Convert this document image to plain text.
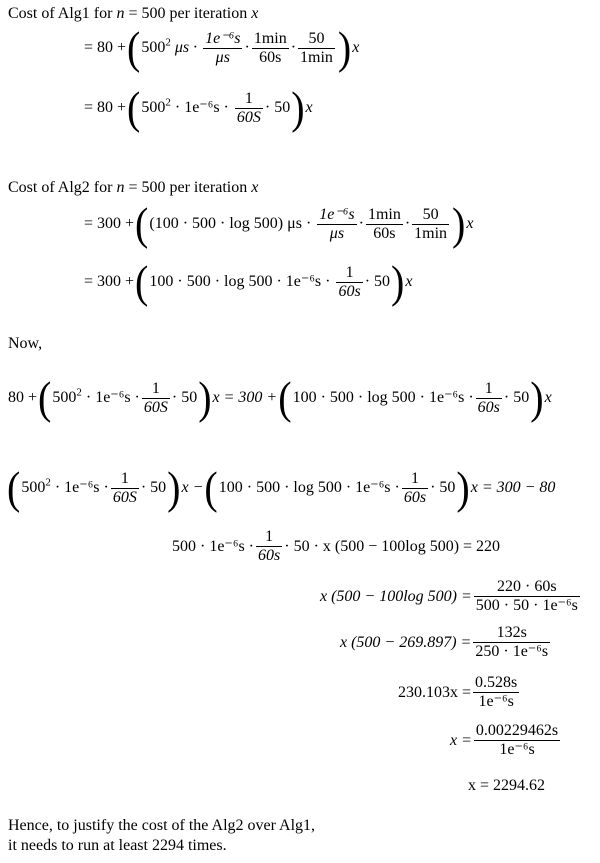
Cost of Alg1 for n = 500 per iteration x
= $80 +(500^2$ $\mu s \cdot \frac{\text{1e⁻⁶s}}{\mu s} \cdot \frac{1\min}{60s} \cdot \frac{50}{1\min} )x$
= $80 +(500^2 \cdot 1e^{-6}s \cdot \frac{1}{60S} \cdot 50)x$
Cost of Alg2 for n = 500 per iteration x
= 300 +((100 · 500 · log 500) $\mu s \cdot \frac{\text{1e⁻⁶s}}{\mu s} \cdot \frac{1\min}{60s} \cdot \frac{50}{1\min} )x$
= $300 +(100 \cdot 500 \cdot \log 500 \cdot 1e^{-6}s \cdot \frac{1}{60s} \cdot 50)x$
Now,
$80 +(500^2 \cdot 1e^{-6}s \cdot \frac{1}{60S} \cdot 50)x = 300 +(100 \cdot 500 \cdot \log 500 \cdot 1e^{-6}s \cdot \frac{1}{60s} \cdot 50)x$
$(500^2 \cdot 1e^{-6}s \cdot \frac{1}{60S} \cdot 50)x -(100 \cdot 500 \cdot \log 500 \cdot 1e^{-6}s \cdot \frac{1}{60s} \cdot 50)x = 300 - 80$
$500 \cdot 1e^{-6}s \cdot \frac{1}{60s} \cdot 50 \cdot x$ (500 − 100log 500) = 220
x (500 − 100log $500) = \frac{220 \cdot 60s}{\text{500 · 50 · 1e⁻⁶s}}$
x $(500 - 269.897) = \frac{132s}{\text{250 · 1e⁻⁶s}}$
$230.103x = \frac{0.528s}{\text{1e⁻⁶s}}$
$x = \frac{0.00229462s}{\text{1e⁻⁶s}}$
x = 2294.62
Hence, to justify the cost of the Alg2 over Alg1,
it needs to run at least 2294 times.
